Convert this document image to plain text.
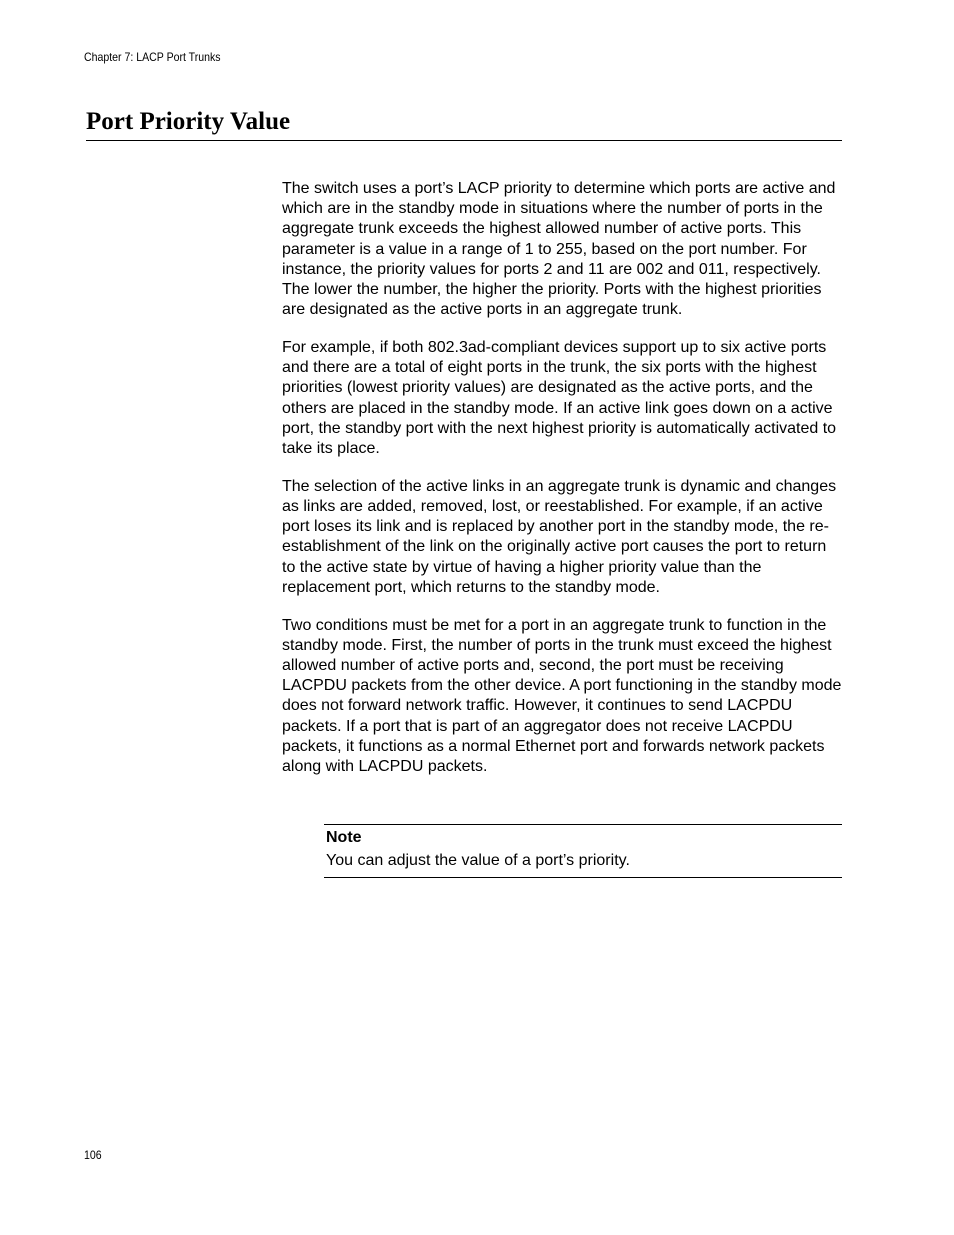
Chapter 7: LACP Port Trunks
Port Priority Value

The switch uses a port’s LACP priority to determine which ports are active and which are in the standby mode in situations where the number of ports in the aggregate trunk exceeds the highest allowed number of active ports. This parameter is a value in a range of 1 to 255, based on the port number. For instance, the priority values for ports 2 and 11 are 002 and 011, respectively. The lower the number, the higher the priority. Ports with the highest priorities are designated as the active ports in an aggregate trunk.

For example, if both 802.3ad-compliant devices support up to six active ports and there are a total of eight ports in the trunk, the six ports with the highest priorities (lowest priority values) are designated as the active ports, and the others are placed in the standby mode. If an active link goes down on a active port, the standby port with the next highest priority is automatically activated to take its place.

The selection of the active links in an aggregate trunk is dynamic and changes as links are added, removed, lost, or reestablished. For example, if an active port loses its link and is replaced by another port in the standby mode, the re-establishment of the link on the originally active port causes the port to return to the active state by virtue of having a higher priority value than the replacement port, which returns to the standby mode.

Two conditions must be met for a port in an aggregate trunk to function in the standby mode. First, the number of ports in the trunk must exceed the highest allowed number of active ports and, second, the port must be receiving LACPDU packets from the other device. A port functioning in the standby mode does not forward network traffic. However, it continues to send LACPDU packets. If a port that is part of an aggregator does not receive LACPDU packets, it functions as a normal Ethernet port and forwards network packets along with LACPDU packets.

Note
You can adjust the value of a port’s priority.
106
